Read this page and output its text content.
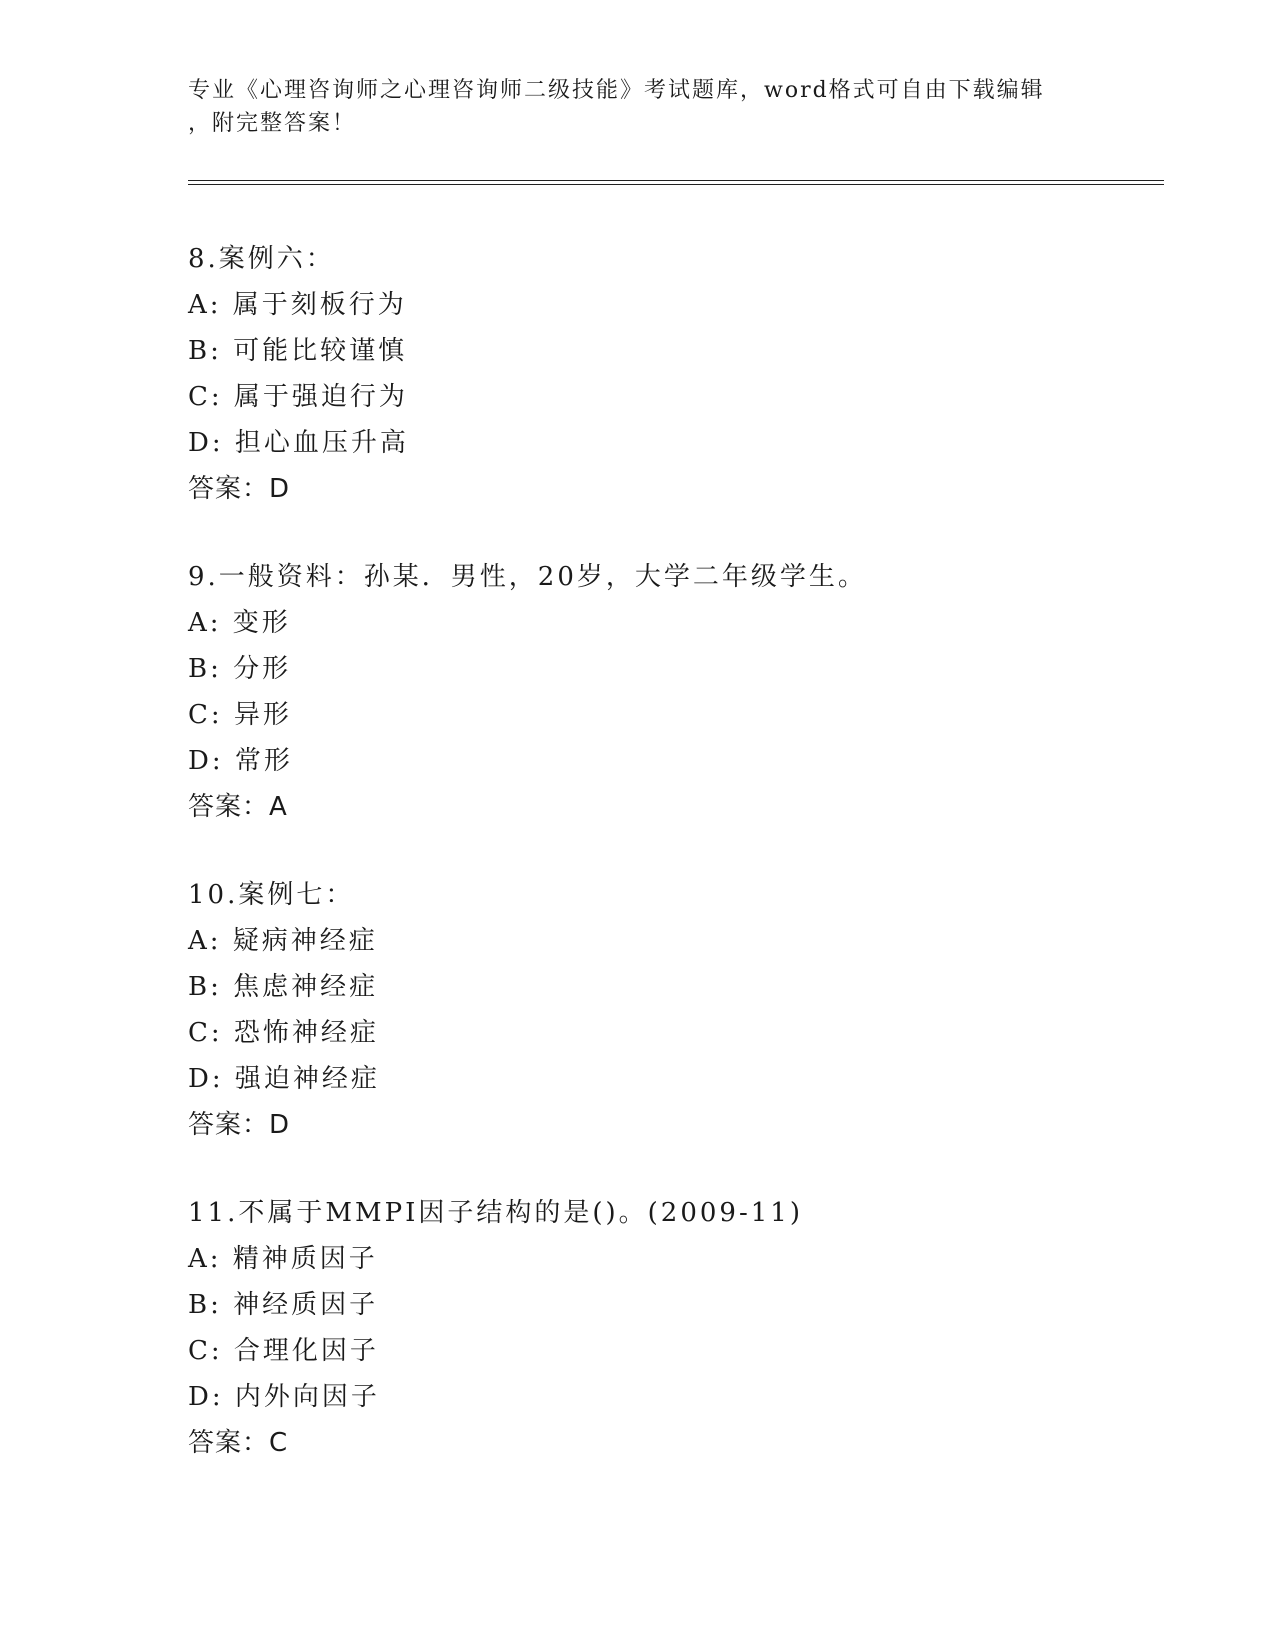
专业《心理咨询师之心理咨询师二级技能》考试题库，word格式可自由下载编辑
，附完整答案！
8.案例六：
A: 属于刻板行为
B: 可能比较谨慎
C: 属于强迫行为
D: 担心血压升高
答案：D
9.一般资料：孙某．男性，20岁，大学二年级学生。
A: 变形
B: 分形
C: 异形
D: 常形
答案：A
10.案例七：
A: 疑病神经症
B: 焦虑神经症
C: 恐怖神经症
D: 强迫神经症
答案：D
11.不属于MMPI因子结构的是()。(2009-11)
A: 精神质因子
B: 神经质因子
C: 合理化因子
D: 内外向因子
答案：C
